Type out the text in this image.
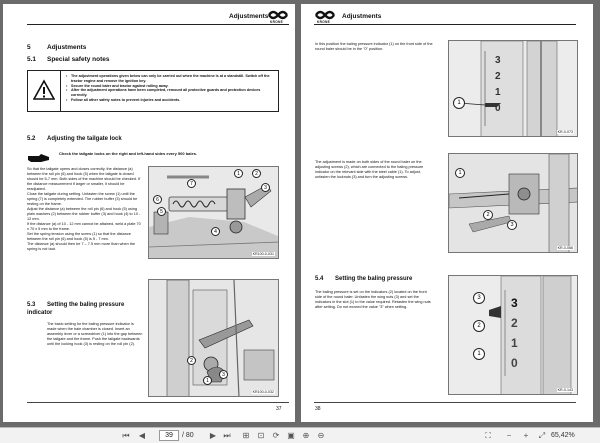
Adjustments
KRONE
5	Adjustments
5.1 Special safety notes
• The adjustment operations given below can only be carried out when the machine is at a standstill. Switch off the tractor engine and remove the ignition key.
• Secure the round baler and tractor against rolling away.
• After the adjustment operations have been completed, remount all protective guards and protection devices correctly.
• Follow all other safety notes to prevent injuries and accidents.
5.2 Adjusting the tailgate lock
Check the tailgate locks on the right and left-hand sides every 500 bales.

So that the tailgate opens and closes correctly, the distance (a) between the roll pin (6) and hook (5) when the tailgate is closed should be 5-7 mm. Both sides of the machine should be checked. If the distance measurement if larger or smaller, it should be readjusted.

Close the tailgate during setting. Unfasten the screw (1) until the spring (7) is completely extended. The rubber buffer (3) should be resting on the frame.

Adjust the distance (a) between the roll pin (6) and hook (5) using plain washers (2) between the rubber buffer (3) and hook (4) to 10 - 12 mm.

If the distance (a) of 10 - 12 mm cannot be attained, weld a plate 70 x 70 x 5 mm to the frame.

Set the spring tension using the screw (1) so that the distance between the roll pin (6) and hook (5) is 5 - 7 mm.

The distance (a) should then be 7 – 7.5 mm more than when the spring is not taut.

1	2
3
7
6
5
4
KR100-0-031
5.3 Setting the baling pressure indicator
The basic setting for the baling pressure indicator is made when the bale chamber is closed. Insert an assembly lever or a screwdriver (1) into the gap between the tailgate and the frame. Push the tailgate backwards until the locking hook (3) is resting on the roll pin (2).
2
1
3
KR100-0-032
37
KRONE
Adjustments
In this position the baling pressure indicator (1) on the front side of the round baler should be in the "0" position.
3
2
1
0
1
KR-0-073
The adjustment is made on both sides of the round baler on the adjusting screws (2), which are connected to the baling pressure indicator on the relevant side with the steel cable (1). To adjust, unfasten the locknuts (3) and turn the adjusting screws.
1
2
3
KR-0-066
5.4 Setting the baling pressure
The baling pressure is set on the indicators (2) located on the front side of the round baler. Unfasten the wing nuts (3) and set the indicators in the slot (1) to the value required. Retasten the wing nuts after setting. Do not exceed the value "3" when setting.	3
2
1
0
3
2
1
KR-0-143
38
⏮	◀	39	/ 80	▶ ⏭	⊞	⊡	⟳ ▣ ⊕	⊖	⛶	−	+	⤢ 65,42%
